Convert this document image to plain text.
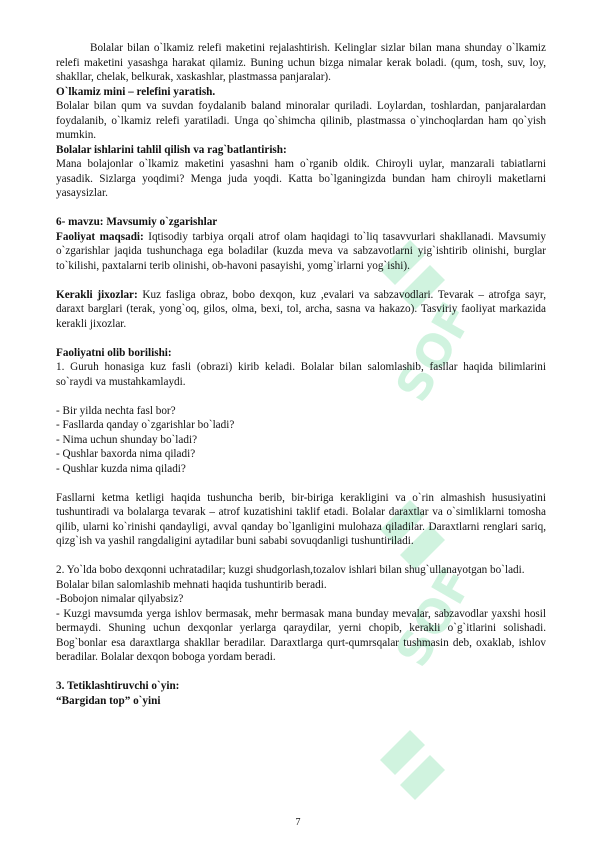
SOF
SOF

Bolalar bilan o`lkamiz relefi maketini rejalashtirish. Kelinglar sizlar bilan mana shunday o`lkamiz relefi maketini yasashga harakat qilamiz. Buning uchun bizga nimalar kerak boladi. (qum, tosh, suv, loy, shakllar, chelak, belkurak, xaskashlar, plastmassa panjaralar).

O`lkamiz mini – relefini yaratish.

Bolalar bilan qum va suvdan foydalanib baland minoralar quriladi. Loylardan, toshlardan, panjaralardan foydalanib, o`lkamiz relefi yaratiladi. Unga qo`shimcha qilinib, plastmassa o`yinchoqlardan ham qo`yish mumkin.

Bolalar ishlarini tahlil qilish va rag`batlantirish:

Mana bolajonlar o`lkamiz maketini yasashni ham o`rganib oldik. Chiroyli uylar, manzarali tabiatlarni yasadik. Sizlarga yoqdimi? Menga juda yoqdi. Katta bo`lganingizda bundan ham chiroyli maketlarni yasaysizlar.

6- mavzu: Mavsumiy o`zgarishlar

Faoliyat maqsadi: Iqtisodiy tarbiya orqali atrof olam haqidagi to`liq tasavvurlari shakllanadi. Mavsumiy o`zgarishlar jaqida tushunchaga ega boladilar (kuzda meva va sabzavotlarni yig`ishtirib olinishi, burglar to`kilishi, paxtalarni terib olinishi, ob-havoni pasayishi, yomg`irlarni yog`ishi).

Kerakli jixozlar: Kuz fasliga obraz, bobo dexqon, kuz ,evalari va sabzavodlari. Tevarak – atrofga sayr, daraxt barglari (terak, yong`oq, gilos, olma, bexi, tol, archa, sasna va hakazo). Tasviriy faoliyat markazida kerakli jixozlar.

Faoliyatni olib borilishi:

1. Guruh honasiga kuz fasli (obrazi) kirib keladi. Bolalar bilan salomlashib, fasllar haqida bilimlarini so`raydi va mustahkamlaydi.

- Bir yilda nechta fasl bor?

- Fasllarda qanday o`zgarishlar bo`ladi?

- Nima uchun shunday bo`ladi?

- Qushlar baxorda nima qiladi?

- Qushlar kuzda nima qiladi?

Fasllarni ketma ketligi haqida tushuncha berib, bir-biriga kerakligini va o`rin almashish hususiyatini tushuntiradi va bolalarga tevarak – atrof kuzatishini taklif etadi. Bolalar daraxtlar va o`simliklarni tomosha qilib, ularni ko`rinishi qandayligi, avval qanday bo`lganligini mulohaza qiladilar. Daraxtlarni renglari sariq, qizg`ish va yashil rangdaligini aytadilar buni sababi sovuqdanligi tushuntiriladi.

2. Yo`lda bobo dexqonni uchratadilar; kuzgi shudgorlash,tozalov ishlari bilan shug`ullanayotgan bo`ladi.

Bolalar bilan salomlashib mehnati haqida tushuntirib beradi.

-Bobojon nimalar qilyabsiz?

- Kuzgi mavsumda yerga ishlov bermasak, mehr bermasak mana bunday mevalar, sabzavodlar yaxshi hosil bermaydi. Shuning uchun dexqonlar yerlarga qaraydilar, yerni chopib, kerakli o`g`itlarini solishadi. Bog`bonlar esa daraxtlarga shakllar beradilar. Daraxtlarga qurt-qumrsqalar tushmasin deb, oxaklab, ishlov beradilar. Bolalar dexqon boboga yordam beradi.

3. Tetiklashtiruvchi o`yin:

“Bargidan top” o`yini

7
